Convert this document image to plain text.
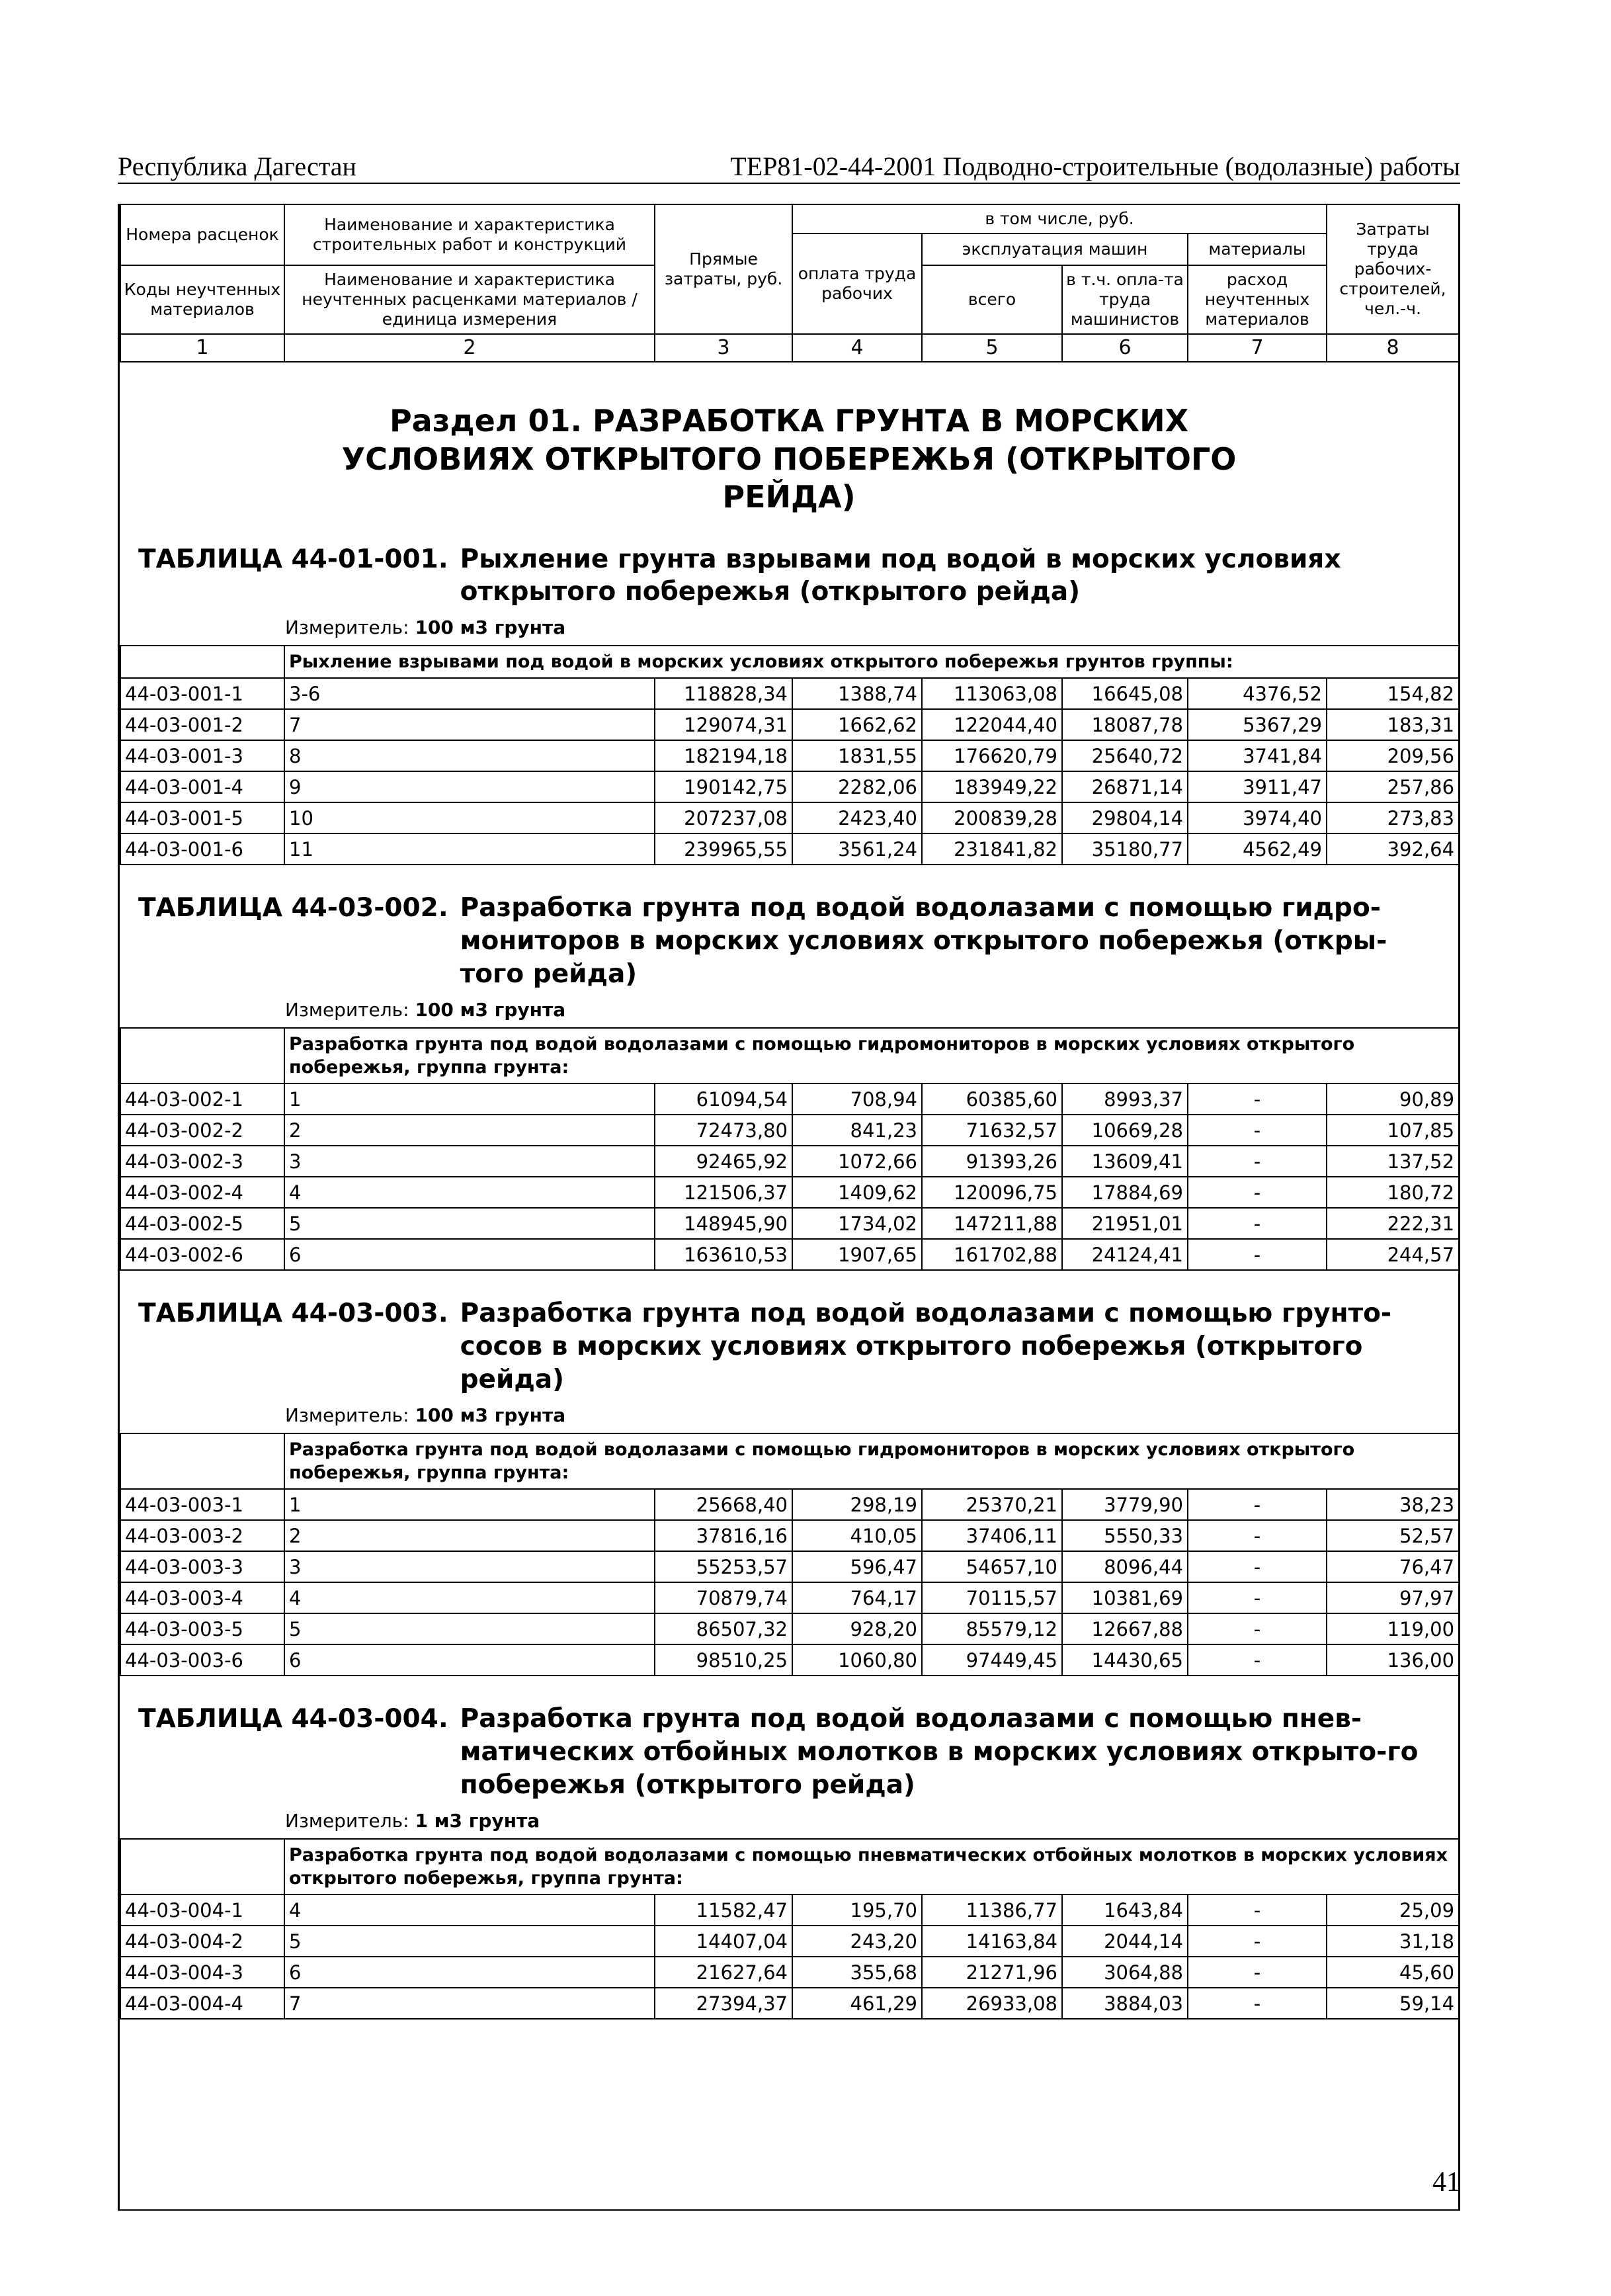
Республика Дагестан	ТЕР81-02-44-2001 Подводно-строительные (водолазные) работы
Номера расценок	Наименование и характеристика строительных работ и конструкций	Прямые затраты, руб.	в том числе, руб.				Затраты труда рабочих-строителей, чел.-ч.
			оплата труда рабочих	эксплуатация машин		материалы	
Коды неучтенных материалов	Наименование и характеристика неучтенных расценками материалов / единица измерения			всего	в т.ч. опла-та труда машинистов	расход неучтенных материалов	

1	2	3	4	5	6	7	8
Раздел 01. РАЗРАБОТКА ГРУНТА В МОРСКИХ УСЛОВИЯХ ОТКРЫТОГО ПОБЕРЕЖЬЯ (ОТКРЫТОГО РЕЙДА)
ТАБЛИЦА 44-01-001. Рыхление грунта взрывами под водой в морских условиях открытого побережья (открытого рейда)
Измеритель: 100 м3 грунта
	Рыхление взрывами под водой в морских условиях открытого побережья грунтов группы:						
44-03-001-1	3-6	118828,34	1388,74	113063,08	16645,08	4376,52	154,82
44-03-001-2	7	129074,31	1662,62	122044,40	18087,78	5367,29	183,31
44-03-001-3	8	182194,18	1831,55	176620,79	25640,72	3741,84	209,56
44-03-001-4	9	190142,75	2282,06	183949,22	26871,14	3911,47	257,86
44-03-001-5	10	207237,08	2423,40	200839,28	29804,14	3974,40	273,83
44-03-001-6	11	239965,55	3561,24	231841,82	35180,77	4562,49	392,64
ТАБЛИЦА 44-03-002. Разработка грунта под водой водолазами с помощью гидро-мониторов в морских условиях открытого побережья (откры-того рейда)
Измеритель: 100 м3 грунта
	Разработка грунта под водой водолазами с помощью гидромониторов в морских условиях открытого побережья, группа грунта:						
44-03-002-1	1	61094,54	708,94	60385,60	8993,37	-	90,89
44-03-002-2	2	72473,80	841,23	71632,57	10669,28	-	107,85
44-03-002-3	3	92465,92	1072,66	91393,26	13609,41	-	137,52
44-03-002-4	4	121506,37	1409,62	120096,75	17884,69	-	180,72
44-03-002-5	5	148945,90	1734,02	147211,88	21951,01	-	222,31
44-03-002-6	6	163610,53	1907,65	161702,88	24124,41	-	244,57
ТАБЛИЦА 44-03-003. Разработка грунта под водой водолазами с помощью грунто-сосов в морских условиях открытого побережья (открытого рейда)
Измеритель: 100 м3 грунта
	Разработка грунта под водой водолазами с помощью гидромониторов в морских условиях открытого побережья, группа грунта:						
44-03-003-1	1	25668,40	298,19	25370,21	3779,90	-	38,23
44-03-003-2	2	37816,16	410,05	37406,11	5550,33	-	52,57
44-03-003-3	3	55253,57	596,47	54657,10	8096,44	-	76,47
44-03-003-4	4	70879,74	764,17	70115,57	10381,69	-	97,97
44-03-003-5	5	86507,32	928,20	85579,12	12667,88	-	119,00
44-03-003-6	6	98510,25	1060,80	97449,45	14430,65	-	136,00
ТАБЛИЦА 44-03-004. Разработка грунта под водой водолазами с помощью пнев-матических отбойных молотков в морских условиях открыто-го побережья (открытого рейда)
Измеритель: 1 м3 грунта
	Разработка грунта под водой водолазами с помощью пневматических отбойных молотков в морских условиях открытого побережья, группа грунта:						
44-03-004-1	4	11582,47	195,70	11386,77	1643,84	-	25,09
44-03-004-2	5	14407,04	243,20	14163,84	2044,14	-	31,18
44-03-004-3	6	21627,64	355,68	21271,96	3064,88	-	45,60
44-03-004-4	7	27394,37	461,29	26933,08	3884,03	-	59,14
41
